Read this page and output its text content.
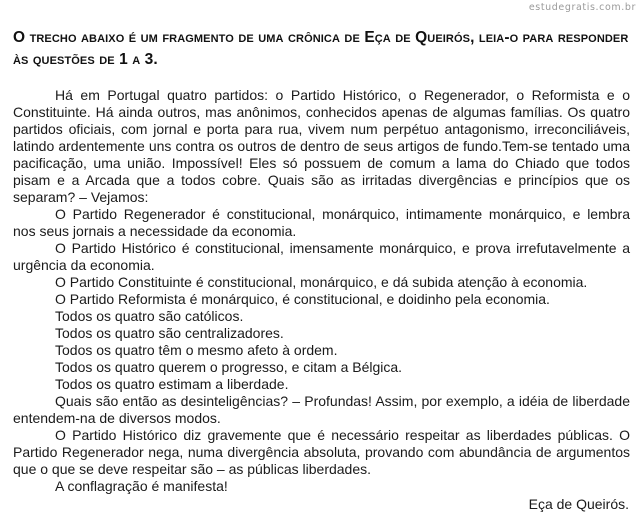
estudegratis.com.br
O trecho abaixo é um fragmento de uma crônica de Eça de Queirós, leia-o para responder às questões de 1 a 3.

Há em Portugal quatro partidos: o Partido Histórico, o Regenerador, o Reformista e o Constituinte. Há ainda outros, mas anônimos, conhecidos apenas de algumas famílias. Os quatro partidos oficiais, com jornal e porta para rua, vivem num perpétuo antagonismo, irreconciliáveis, latindo ardentemente uns contra os outros de dentro de seus artigos de fundo.Tem-se tentado uma pacificação, uma união. Impossível! Eles só possuem de comum a lama do Chiado que todos pisam e a Arcada que a todos cobre. Quais são as irritadas divergências e princípios que os separam? – Vejamos:

O Partido Regenerador é constitucional, monárquico, intimamente monárquico, e lembra nos seus jornais a necessidade da economia.

O Partido Histórico é constitucional, imensamente monárquico, e prova irrefutavelmente a urgência da economia.

O Partido Constituinte é constitucional, monárquico, e dá subida atenção à economia.

O Partido Reformista é monárquico, é constitucional, e doidinho pela economia.

Todos os quatro são católicos.

Todos os quatro são centralizadores.

Todos os quatro têm o mesmo afeto à ordem.

Todos os quatro querem o progresso, e citam a Bélgica.

Todos os quatro estimam a liberdade.

Quais são então as desinteligências? – Profundas! Assim, por exemplo, a idéia de liberdade entendem-na de diversos modos.

O Partido Histórico diz gravemente que é necessário respeitar as liberdades públicas. O Partido Regenerador nega, numa divergência absoluta, provando com abundância de argumentos que o que se deve respeitar são – as públicas liberdades.

A conflagração é manifesta!

Eça de Queirós.
